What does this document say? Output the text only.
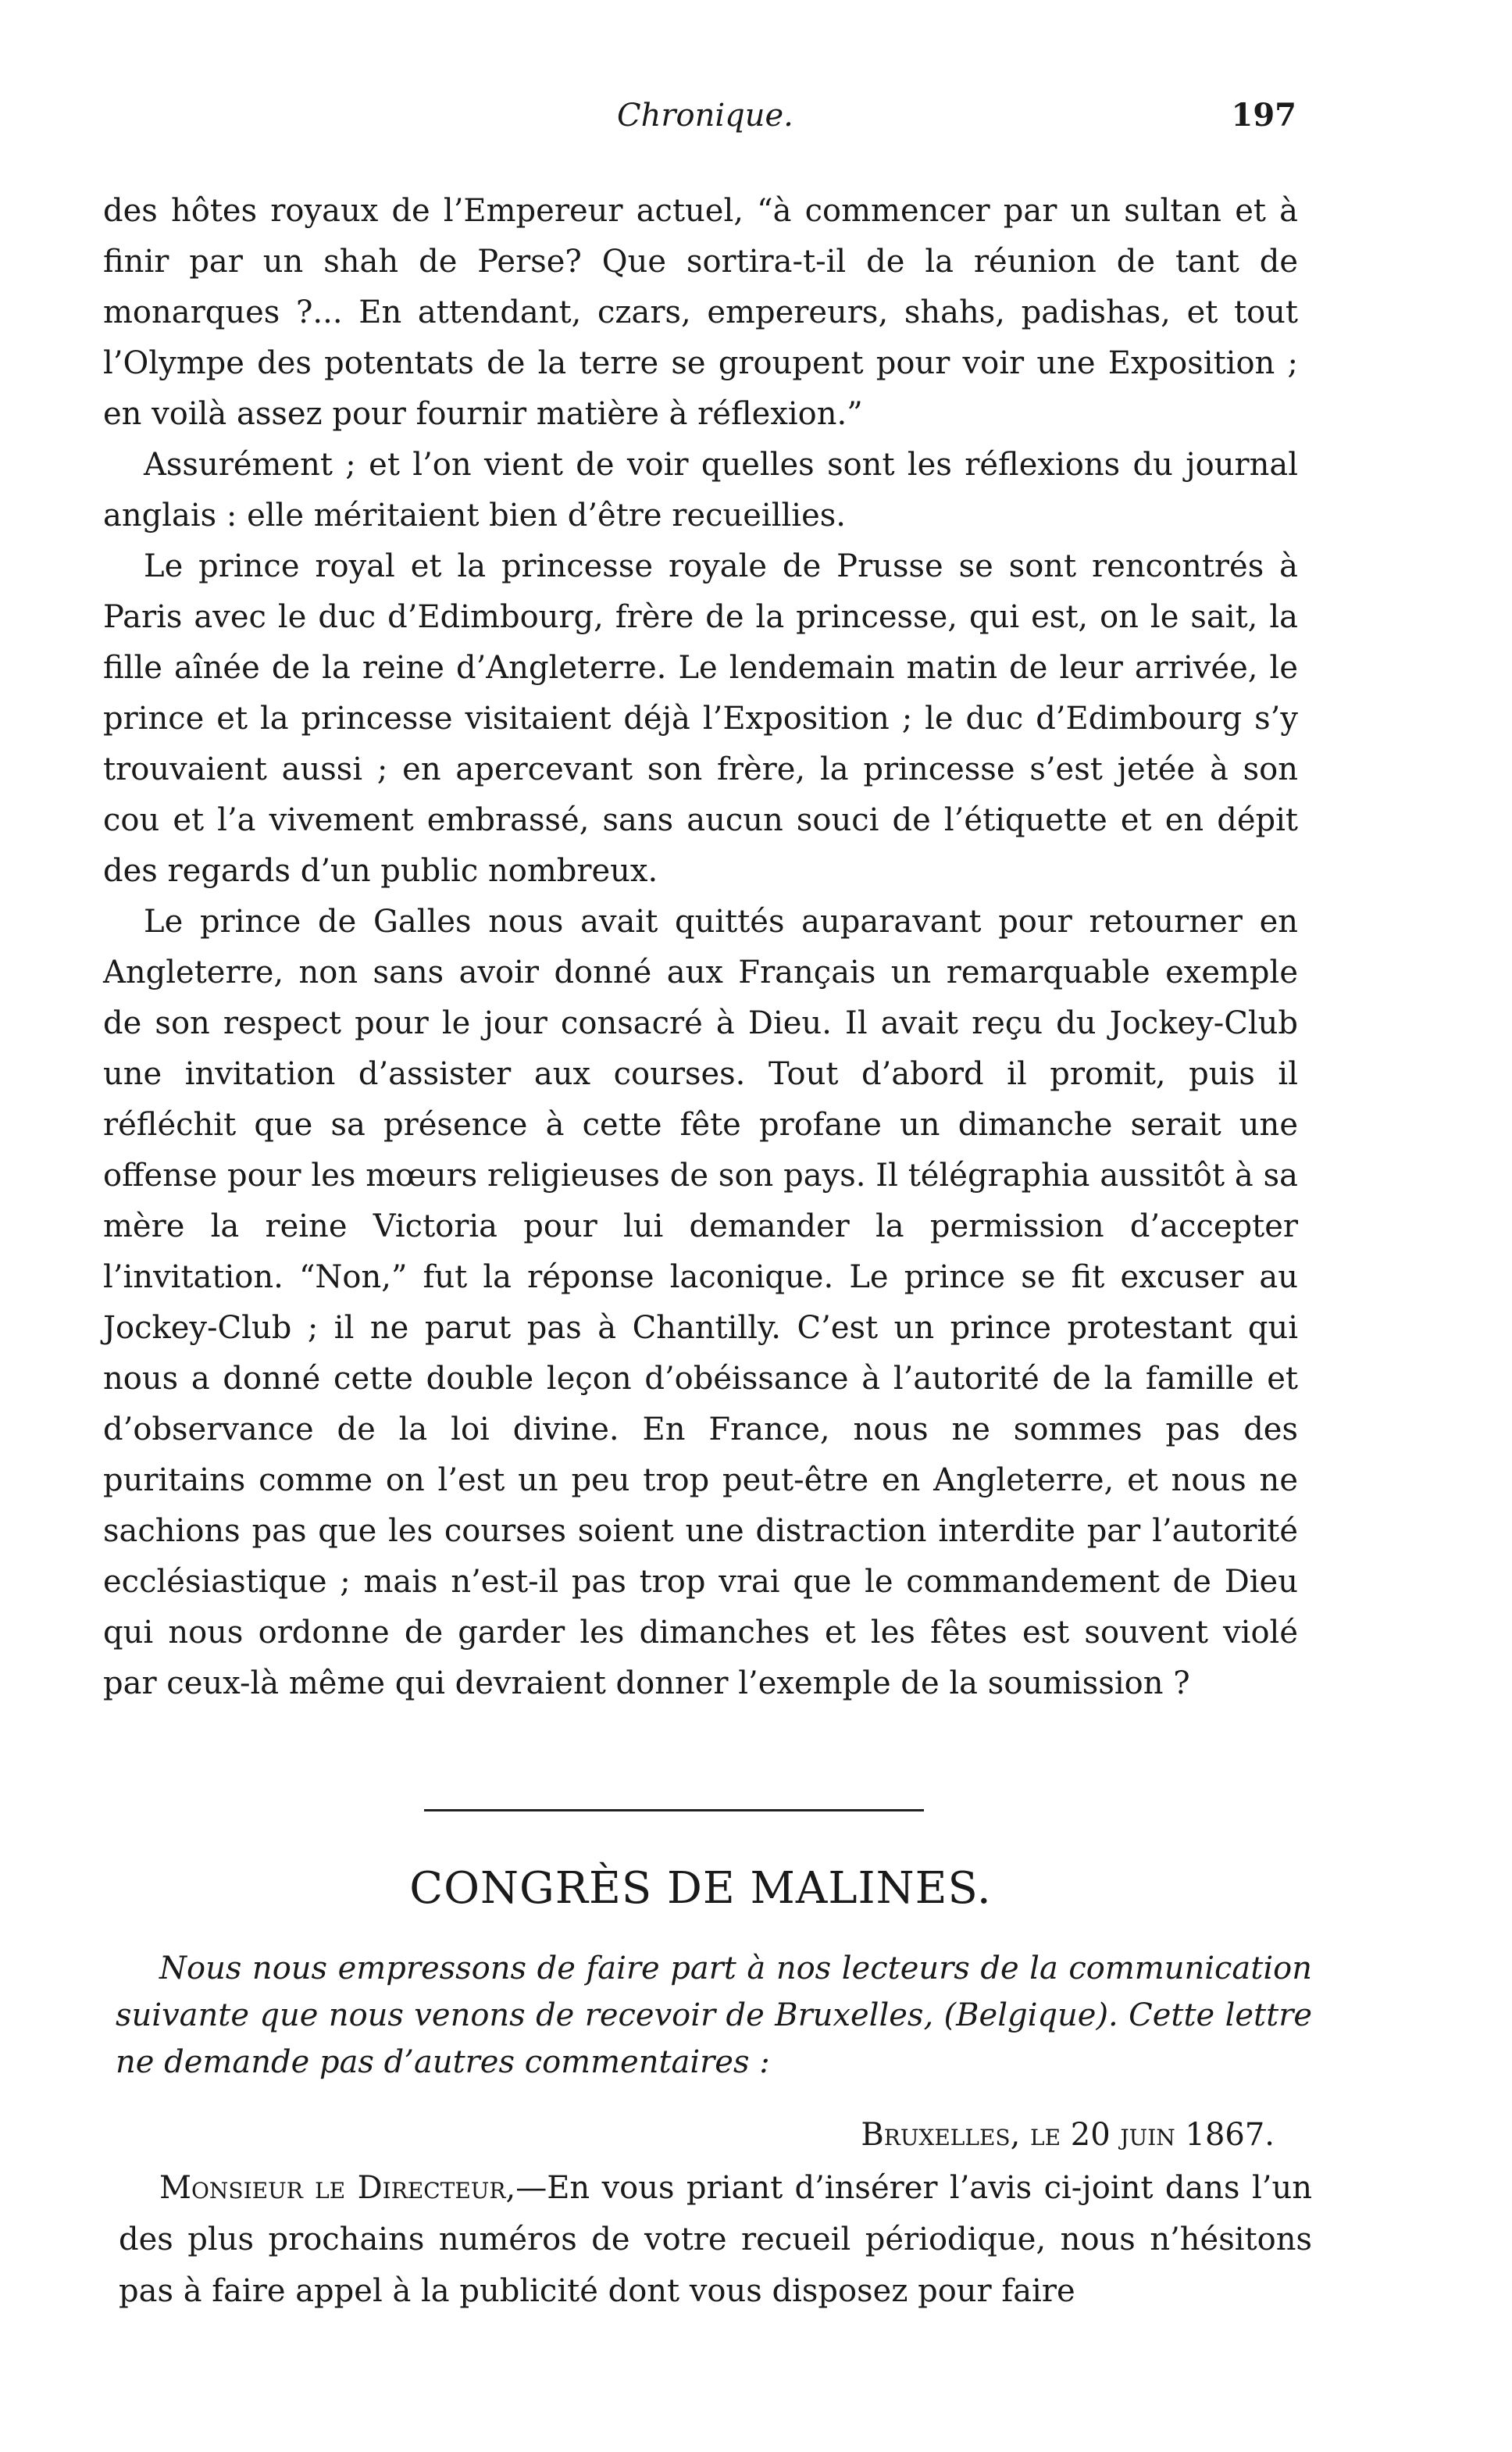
Chronique.	197

des hôtes royaux de l’Empereur actuel, “à commencer par un sultan et à finir par un shah de Perse? Que sortira-t-il de la réunion de tant de monarques ?... En attendant, czars, empereurs, shahs, padishas, et tout l’Olympe des potentats de la terre se groupent pour voir une Exposition ; en voilà assez pour fournir matière à réflexion.”

Assurément ; et l’on vient de voir quelles sont les réflexions du journal anglais : elle méritaient bien d’être recueillies.

Le prince royal et la princesse royale de Prusse se sont rencontrés à Paris avec le duc d’Edimbourg, frère de la princesse, qui est, on le sait, la fille aînée de la reine d’Angleterre. Le lendemain matin de leur arrivée, le prince et la princesse visitaient déjà l’Exposition ; le duc d’Edimbourg s’y trouvaient aussi ; en apercevant son frère, la princesse s’est jetée à son cou et l’a vivement embrassé, sans aucun souci de l’étiquette et en dépit des regards d’un public nombreux.

Le prince de Galles nous avait quittés auparavant pour retourner en Angleterre, non sans avoir donné aux Français un remarquable exemple de son respect pour le jour consacré à Dieu. Il avait reçu du Jockey-Club une invitation d’assister aux courses. Tout d’abord il promit, puis il réfléchit que sa présence à cette fête profane un dimanche serait une offense pour les mœurs religieuses de son pays. Il télégraphia aussitôt à sa mère la reine Victoria pour lui demander la permission d’accepter l’invitation. “Non,” fut la réponse laconique. Le prince se fit excuser au Jockey-Club ; il ne parut pas à Chantilly. C’est un prince protestant qui nous a donné cette double leçon d’obéissance à l’autorité de la famille et d’observance de la loi divine. En France, nous ne sommes pas des puritains comme on l’est un peu trop peut-être en Angleterre, et nous ne sachions pas que les courses soient une distraction interdite par l’autorité ecclésiastique ; mais n’est-il pas trop vrai que le commandement de Dieu qui nous ordonne de garder les dimanches et les fêtes est souvent violé par ceux-là même qui devraient donner l’exemple de la soumission ?

CONGRÈS DE MALINES.

Nous nous empressons de faire part à nos lecteurs de la communication suivante que nous venons de recevoir de Bruxelles, (Belgique). Cette lettre ne demande pas d’autres commentaires :

Bruxelles, le 20 juin 1867.

Monsieur le Directeur,—En vous priant d’insérer l’avis ci-joint dans l’un des plus prochains numéros de votre recueil périodique, nous n’hésitons pas à faire appel à la publicité dont vous disposez pour faire
